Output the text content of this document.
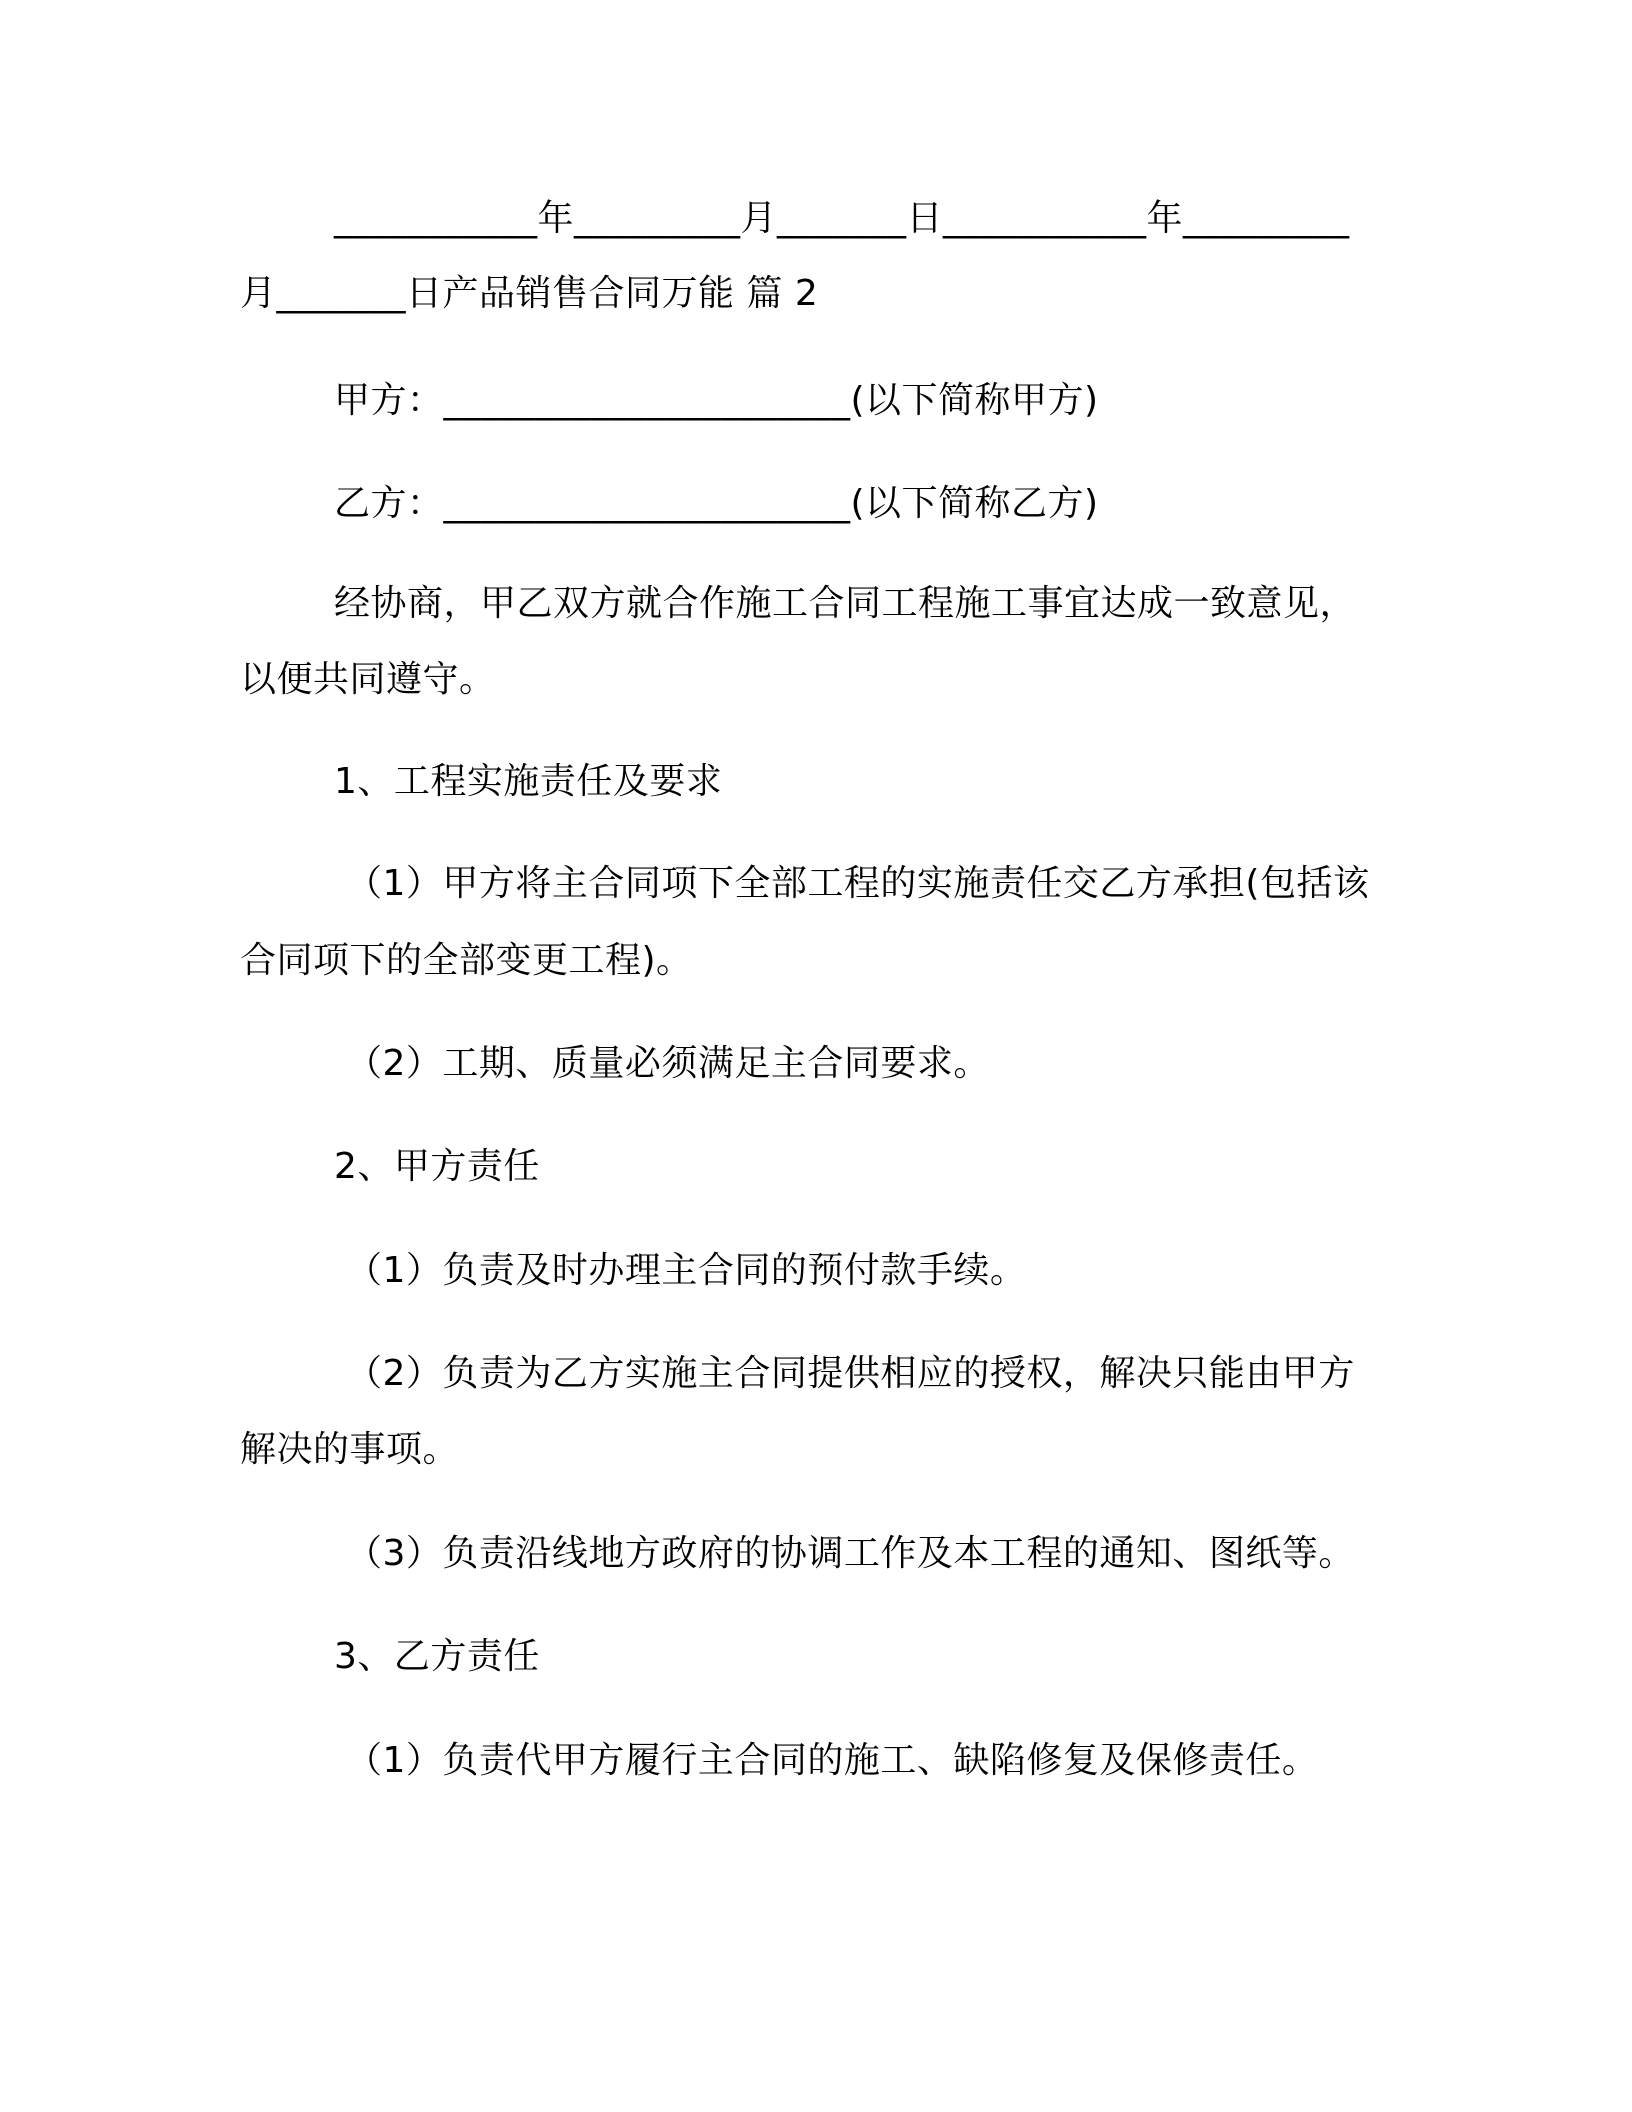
___________年_________月_______日___________年_________
月_______日产品销售合同万能 篇 2
甲方：______________________(以下简称甲方)
乙方：______________________(以下简称乙方)
经协商，甲乙双方就合作施工合同工程施工事宜达成一致意见，
以便共同遵守。
1、工程实施责任及要求
（1）甲方将主合同项下全部工程的实施责任交乙方承担(包括该
合同项下的全部变更工程)。
（2）工期、质量必须满足主合同要求。
2、甲方责任
（1）负责及时办理主合同的预付款手续。
（2）负责为乙方实施主合同提供相应的授权，解决只能由甲方
解决的事项。
（3）负责沿线地方政府的协调工作及本工程的通知、图纸等。
3、乙方责任
（1）负责代甲方履行主合同的施工、缺陷修复及保修责任。
